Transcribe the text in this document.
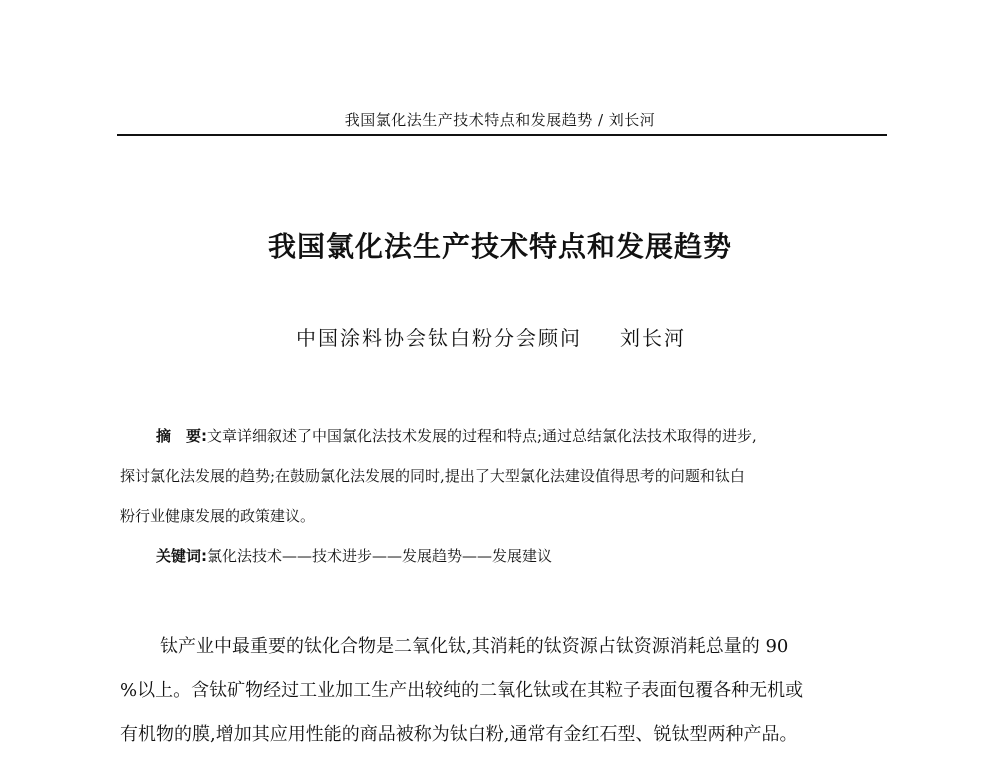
我国氯化法生产技术特点和发展趋势 / 刘长河
我国氯化法生产技术特点和发展趋势
中国涂料协会钛白粉分会顾问 刘长河
摘　要:文章详细叙述了中国氯化法技术发展的过程和特点;通过总结氯化法技术取得的进步,
探讨氯化法发展的趋势;在鼓励氯化法发展的同时,提出了大型氯化法建设值得思考的问题和钛白
粉行业健康发展的政策建议。
关键词:氯化法技术——技术进步——发展趋势——发展建议
钛产业中最重要的钛化合物是二氧化钛,其消耗的钛资源占钛资源消耗总量的 90
%以上。含钛矿物经过工业加工生产出较纯的二氧化钛或在其粒子表面包覆各种无机或
有机物的膜,增加其应用性能的商品被称为钛白粉,通常有金红石型、锐钛型两种产品。
